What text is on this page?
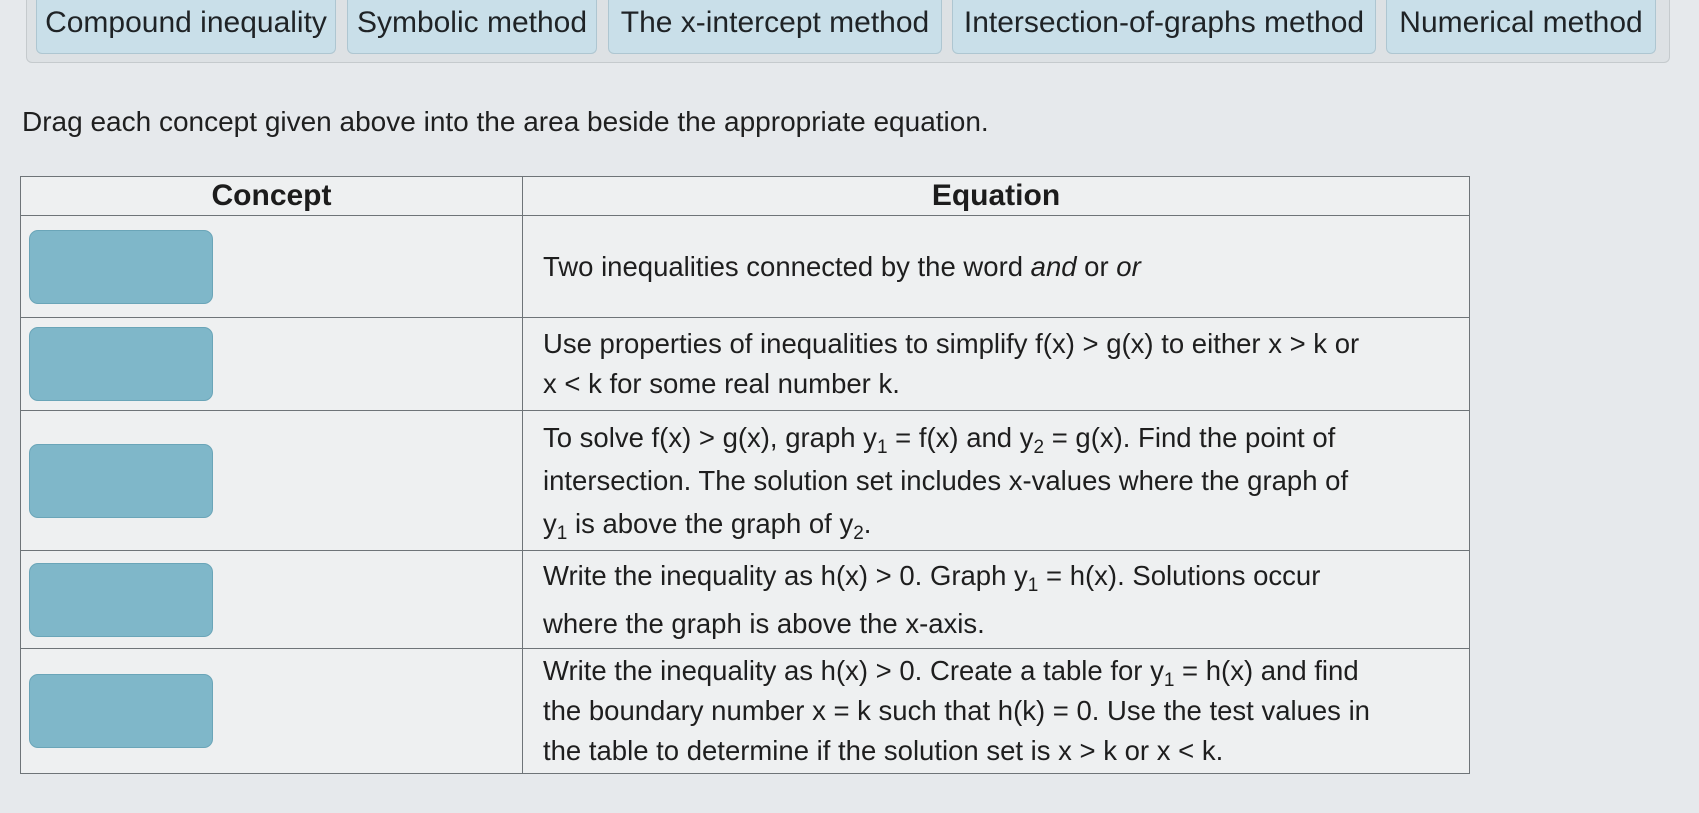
Compound inequality	Symbolic method	The x-intercept method	Intersection-of-graphs method	Numerical method
Drag each concept given above into the area beside the appropriate equation.
Concept	Equation

	Two inequalities connected by the word and or or

	Use properties of inequalities to simplify f(x) > g(x) to either x > k or
x < k for some real number k.

	To solve f(x) > g(x), graph $y_1 = f(x)$ and $y_2 = g(x)$. Find the point of
intersection. The solution set includes x-values where the graph of
$y_1$ is above the graph of $y_2$.

	Write the inequality as h(x) > 0. Graph $y_1 = h(x)$. Solutions occur
where the graph is above the x-axis.

	Write the inequality as h(x) > 0. Create a table for $y_1 = h(x)$ and find
the boundary number x = k such that h(k) = 0. Use the test values in
the table to determine if the solution set is x > k or x < k.
